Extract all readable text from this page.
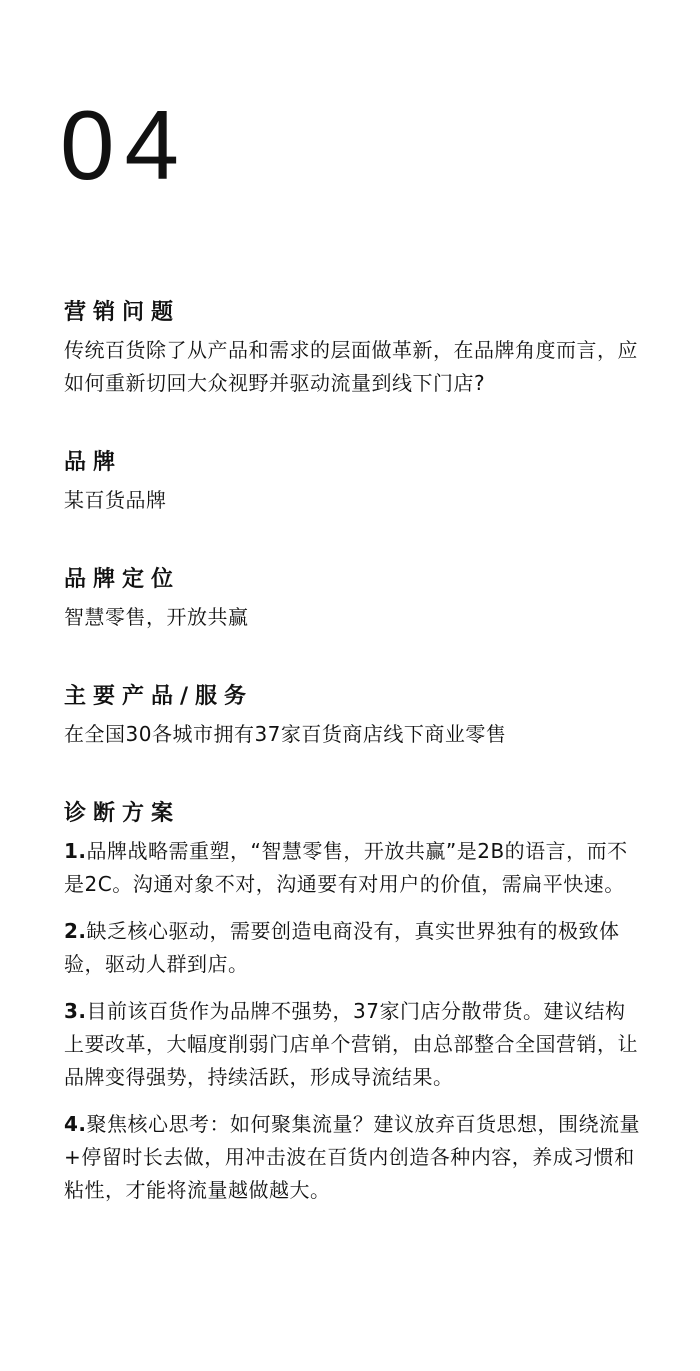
04
营销问题

传统百货除了从产品和需求的层面做革新，在品牌角度而言，应如何重新切回大众视野并驱动流量到线下门店?

品牌

某百货品牌

品牌定位

智慧零售，开放共赢

主要产品/服务

在全国30各城市拥有37家百货商店线下商业零售

诊断方案

1.品牌战略需重塑，“智慧零售，开放共赢”是2B的语言，而不是2C。沟通对象不对，沟通要有对用户的价值，需扁平快速。

2.缺乏核心驱动，需要创造电商没有，真实世界独有的极致体验，驱动人群到店。

3.目前该百货作为品牌不强势，37家门店分散带货。建议结构上要改革，大幅度削弱门店单个营销，由总部整合全国营销，让品牌变得强势，持续活跃，形成导流结果。

4.聚焦核心思考：如何聚集流量？建议放弃百货思想，围绕流量+停留时长去做，用冲击波在百货内创造各种内容，养成习惯和粘性，才能将流量越做越大。
